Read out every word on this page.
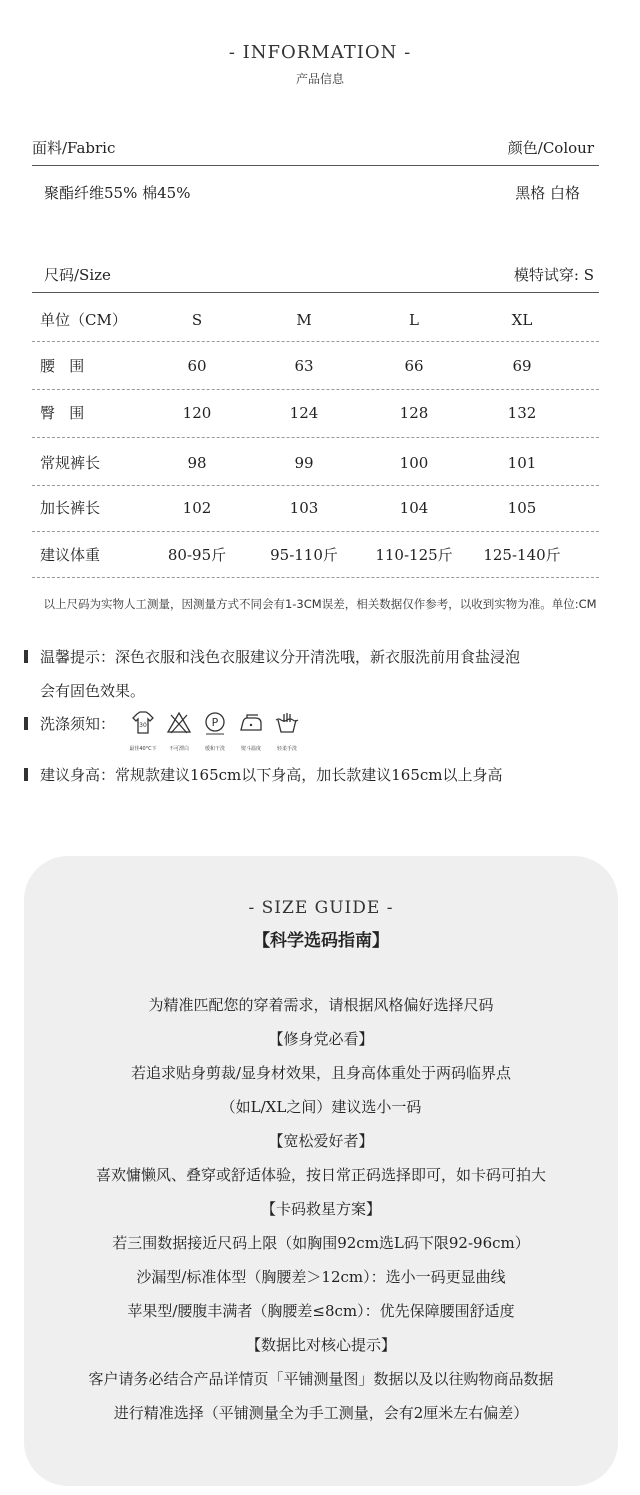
- INFORMATION -
产品信息
面料/Fabric	颜色/Colour
聚酯纤维55% 棉45%	黑格 白格
尺码/Size	模特试穿: S
单位（CM）	S	M	L	XL
腰   围	60	63	66	69
臀   围	120	124	128	132
常规裤长	98	99	100	101
加长裤长	102	103	104	105
建议体重	80-95斤	95-110斤 110-125斤 125-140斤
以上尺码为实物人工测量，因测量方式不同会有1-3CM误差，相关数据仅作参考，以收到实物为准。单位:CM
温馨提示：深色衣服和浅色衣服建议分开清洗哦，新衣服洗前用食盐浸泡
会有固色效果。
洗涤须知：	30
最佳40°C下	不可漂白
P
缓和干洗	熨斗温度	轻柔手洗
建议身高：常规款建议165cm以下身高，加长款建议165cm以上身高
- SIZE GUIDE -
【科学选码指南】
为精准匹配您的穿着需求，请根据风格偏好选择尺码
【修身党必看】
若追求贴身剪裁/显身材效果，且身高体重处于两码临界点
（如L/XL之间）建议选小一码
【宽松爱好者】
喜欢慵懒风、叠穿或舒适体验，按日常正码选择即可，如卡码可拍大
【卡码救星方案】
若三围数据接近尺码上限（如胸围92cm选L码下限92-96cm）
沙漏型/标准体型（胸腰差＞12cm）：选小一码更显曲线
苹果型/腰腹丰满者（胸腰差≤8cm）：优先保障腰围舒适度
【数据比对核心提示】
客户请务必结合产品详情页「平铺测量图」数据以及以往购物商品数据
进行精准选择（平铺测量全为手工测量，会有2厘米左右偏差）
